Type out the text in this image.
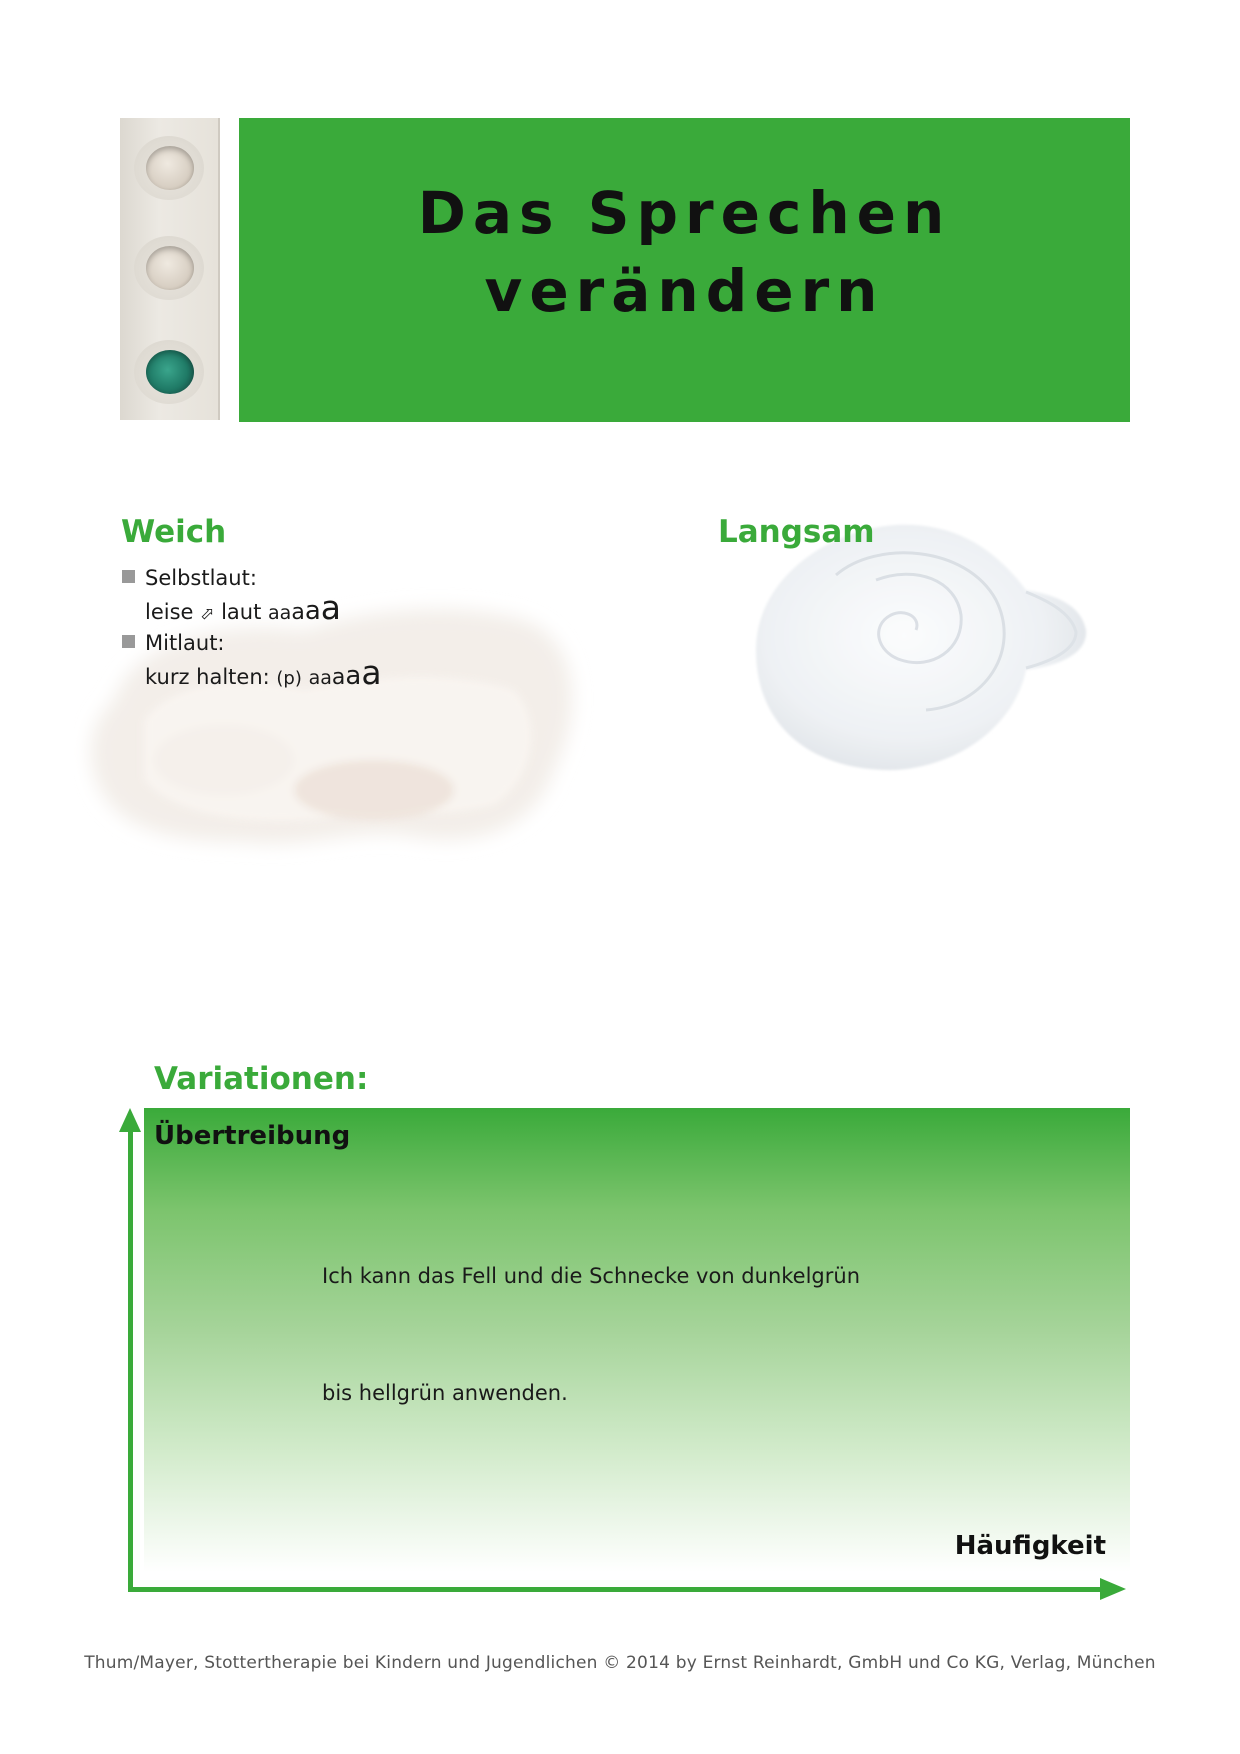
Das Sprechen
verändern
Weich
Selbstlaut:
leise ⬀ laut aaaaa
Mitlaut:
kurz halten: (p) aaaaa
Langsam
Variationen:
Übertreibung
Häufigkeit
Ich kann das Fell und die Schnecke von dunkelgrün
bis hellgrün anwenden.
Thum/Mayer, Stottertherapie bei Kindern und Jugendlichen © 2014 by Ernst Reinhardt, GmbH und Co KG, Verlag, München
